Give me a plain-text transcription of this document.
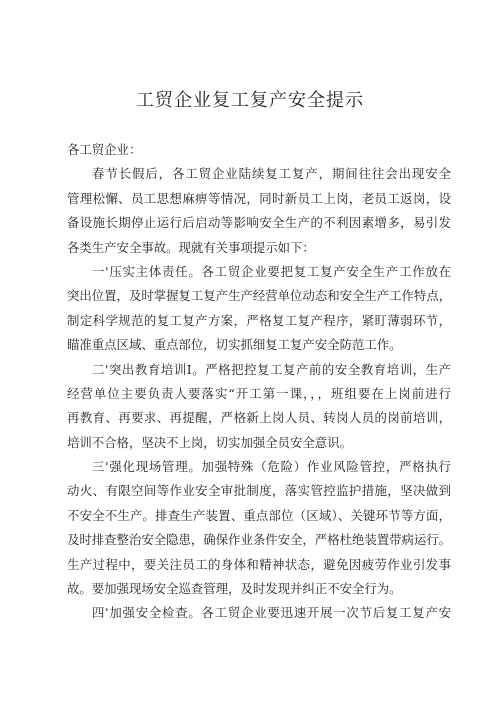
工贸企业复工复产安全提示

各工贸企业：

春节长假后，各工贸企业陆续复工复产，期间往往会出现安全

管理松懈、员工思想麻痹等情况，同时新员工上岗，老员工返岗，设

备设施长期停止运行后启动等影响安全生产的不利因素增多，易引发

各类生产安全事故。现就有关事项提示如下：

一'压实主体责任。各工贸企业要把复工复产安全生产工作放在

突出位置，及时掌握复工复产生产经营单位动态和安全生产工作特点，

制定科学规范的复工复产方案，严格复工复产程序，紧盯薄弱环节，

瞄准重点区域、重点部位，切实抓细复工复产安全防范工作。

二'突出教育培训I。严格把控复工复产前的安全教育培训，生产

经营单位主要负责人要落实“开工第一课，，，班组要在上岗前进行

再教育、再要求、再提醒，严格新上岗人员、转岗人员的岗前培训，

培训不合格，坚决不上岗，切实加强全员安全意识。

三'强化现场管理。加强特殊（危险）作业风险管控，严格执行

动火、有限空间等作业安全审批制度，落实管控监护措施，坚决做到

不安全不生产。排查生产装置、重点部位（区域）、关键环节等方面，

及时排查整治安全隐患，确保作业条件安全，严格杜绝装置带病运行。

生产过程中，要关注员工的身体和精神状态，避免因疲劳作业引发事

故。要加强现场安全巡查管理，及时发现并纠正不安全行为。

四'加强安全检查。各工贸企业要迅速开展一次节后复工复产安
